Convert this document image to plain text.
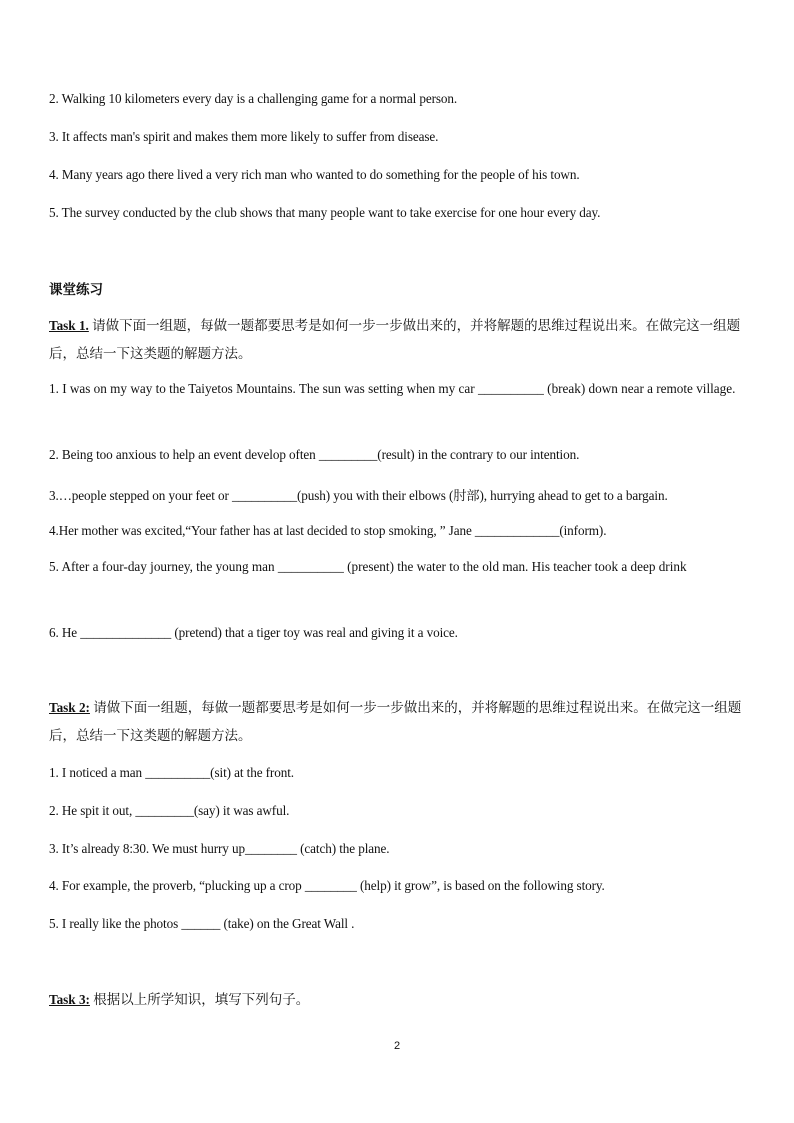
2. Walking 10 kilometers every day is a challenging game for a normal person.
3. It affects man's spirit and makes them more likely to suffer from disease.
4. Many years ago there lived a very rich man who wanted to do something for the people of his town.
5. The survey conducted by the club shows that many people want to take exercise for one hour every day.
课堂练习
Task 1. 请做下面一组题，每做一题都要思考是如何一步一步做出来的，并将解题的思维过程说出来。在做完这一组题后，总结一下这类题的解题方法。
1. I was on my way to the Taiyetos Mountains. The sun was setting when my car __________ (break) down near a remote village.
2. Being too anxious to help an event develop often _________(result) in the contrary to our intention.
3.…people stepped on your feet or __________(push) you with their elbows (肘部), hurrying ahead to get to a bargain.
4.Her mother was excited,“Your father has at last decided to stop smoking, ” Jane _____________(inform).
5. After a four-day journey, the young man __________ (present) the water to the old man. His teacher took a deep drink
6. He ______________ (pretend) that a tiger toy was real and giving it a voice.
Task 2: 请做下面一组题，每做一题都要思考是如何一步一步做出来的，并将解题的思维过程说出来。在做完这一组题后，总结一下这类题的解题方法。
1. I noticed a man __________(sit) at the front.
2. He spit it out, _________(say) it was awful.
3. It’s already 8:30. We must hurry up________ (catch) the plane.
4. For example, the proverb, “plucking up a crop ________ (help) it grow”, is based on the following story.
5. I really like the photos ______ (take) on the Great Wall .
Task 3: 根据以上所学知识，填写下列句子。
2
